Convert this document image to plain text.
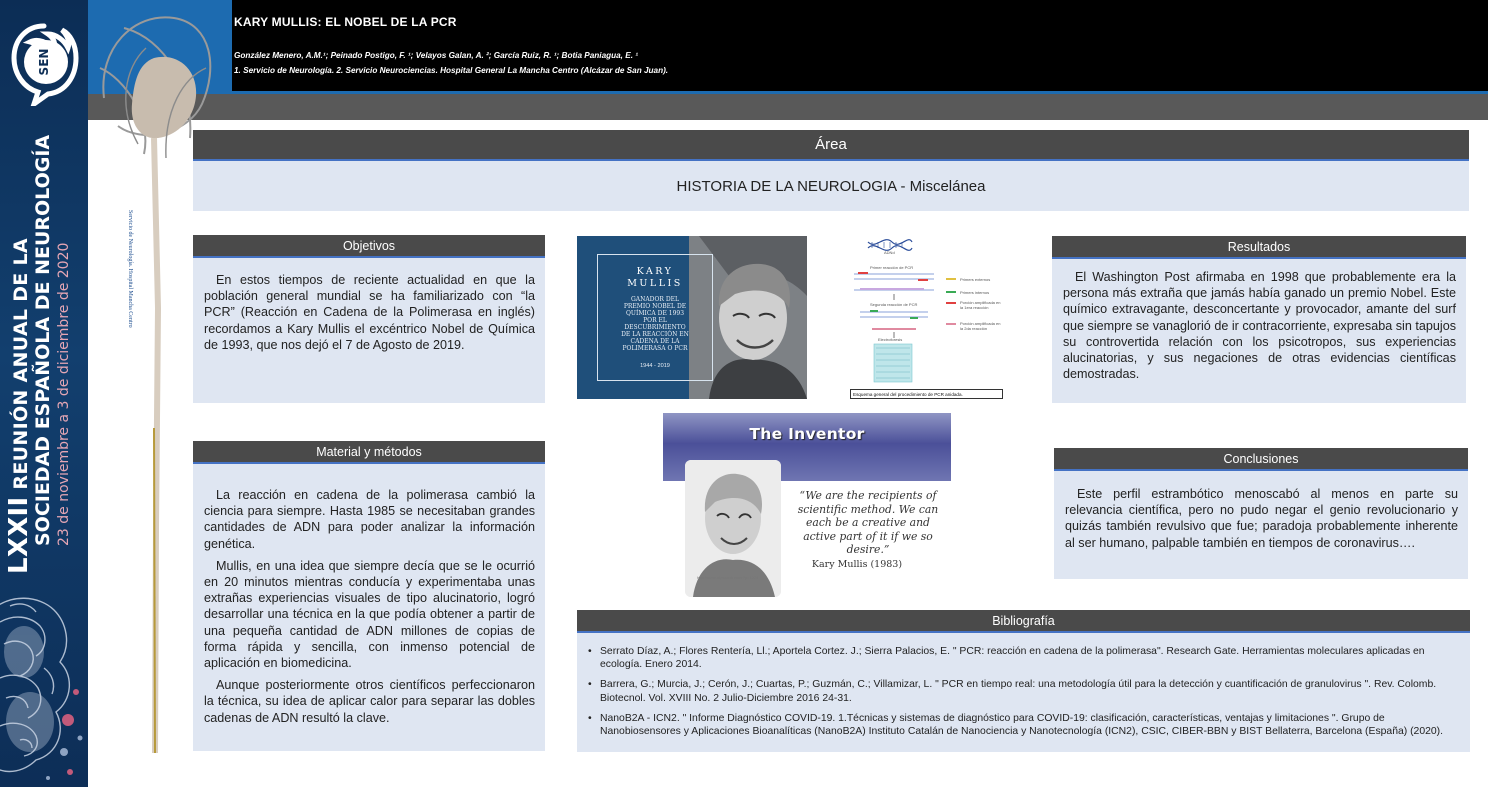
SEN
LXXII REUNIÓN ANUAL DE LA SOCIEDAD ESPAÑOLA DE NEUROLOGÍA 23 de noviembre a 3 de diciembre de 2020
KARY MULLIS: EL NOBEL DE LA PCR
González Menero, A.M.¹; Peinado Postigo, F. ¹; Velayos Galan, A. ²; García Ruiz, R. ¹; Botia Paniagua, E. ¹
1. Servicio de Neurología. 2. Servicio Neurociencias. Hospital General La Mancha Centro (Alcázar de San Juan).
Servicio de Neurología. Hospital Mancha Centro
Área
HISTORIA DE LA NEUROLOGIA - Miscelánea
Objetivos

En estos tiempos de reciente actualidad en que la población general mundial se ha familiarizado con “la PCR” (Reacción en Cadena de la Polimerasa en inglés) recordamos a Kary Mullis el excéntrico Nobel de Química de 1993, que nos dejó el 7 de Agosto de 2019.

Material y métodos

La reacción en cadena de la polimerasa cambió la ciencia para siempre. Hasta 1985 se necesitaban grandes cantidades de ADN para poder analizar la información genética.

Mullis, en una idea que siempre decía que se le ocurrió en 20 minutos mientras conducía y experimentaba unas extrañas experiencias visuales de tipo alucinatorio, logró desarrollar una técnica en la que podía obtener a partir de una pequeña cantidad de ADN millones de copias de forma rápida y sencilla, con inmenso potencial de aplicación en biomedicina.

Aunque posteriormente otros científicos perfeccionaron la técnica, su idea de aplicar calor para separar las dobles cadenas de ADN resultó la clave.

Resultados

El Washington Post afirmaba en 1998 que probablemente era la persona más extraña que jamás había ganado un premio Nobel. Este químico extravagante, desconcertante y provocador, amante del surf que siempre se vanaglorió de ir contracorriente, expresaba sin tapujos su controvertida relación con los psicotropos, sus experiencias alucinatorias, y sus negaciones de otras evidencias científicas demostradas.

Conclusiones

Este perfil estrambótico menoscabó al menos en parte su relevancia científica, pero no pudo negar el genio revolucionario y quizás también revulsivo que fue; paradoja probablemente inherente al ser humano, palpable también en tiempos de coronavirus….

KARY
MULLIS
GANADOR DEL
PREMIO NOBEL DE
QUÍMICA DE 1993
POR EL
DESCUBRIMIENTO
DE LA REACCIÓN EN
CADENA DE LA
POLIMERASA O PCR
1944 - 2019
ADNd
Primer reacción de PCR
Segunda reacción de PCR
Electroforesis
Primers externos
Primers internos
Porción amplificada en la 1era reacción
Porción amplificada en la 2da reacción
Esquema general del procedimiento de PCR anidada.
The Inventor
http://www.alphasoft.com/?p=1224
“We are the recipients of scientific method. We can each be a creative and active part of it if we so desire.”
Kary Mullis (1983)
Bibliografía
• Serrato Díaz, A.; Flores Rentería, Ll.; Aportela Cortez. J.; Sierra Palacios, E. " PCR: reacción en cadena de la polimerasa". Research Gate. Herramientas moleculares aplicadas en ecología. Enero 2014.
• Barrera, G.; Murcia, J.; Cerón, J.; Cuartas, P.; Guzmán, C.; Villamizar, L. " PCR en tiempo real: una metodología útil para la detección y cuantificación de granulovirus ". Rev. Colomb. Biotecnol. Vol. XVIII No. 2 Julio-Diciembre 2016 24-31.
• NanoB2A - ICN2. " Informe Diagnóstico COVID-19. 1.Técnicas y sistemas de diagnóstico para COVID-19: clasificación, características, ventajas y limitaciones ". Grupo de Nanobiosensores y Aplicaciones Bioanalíticas (NanoB2A) Instituto Catalán de Nanociencia y Nanotecnología (ICN2), CSIC, CIBER-BBN y BIST Bellaterra, Barcelona (España) (2020).
